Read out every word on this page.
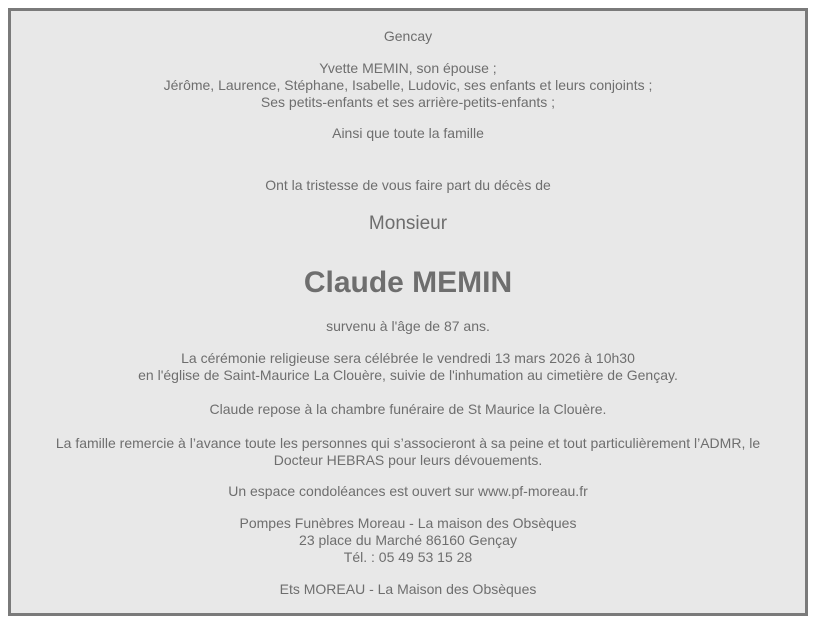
Gencay
Yvette MEMIN, son épouse ;
Jérôme, Laurence, Stéphane, Isabelle, Ludovic, ses enfants et leurs conjoints ;
Ses petits-enfants et ses arrière-petits-enfants ;
Ainsi que toute la famille
Ont la tristesse de vous faire part du décès de
Monsieur
Claude MEMIN
survenu à l'âge de 87 ans.
La cérémonie religieuse sera célébrée le vendredi 13 mars 2026 à 10h30
en l'église de Saint-Maurice La Clouère, suivie de l'inhumation au cimetière de Gençay.
Claude repose à la chambre funéraire de St Maurice la Clouère.
La famille remercie à l’avance toute les personnes qui s’associeront à sa peine et tout particulièrement l’ADMR, le
Docteur HEBRAS pour leurs dévouements.
Un espace condoléances est ouvert sur www.pf-moreau.fr
Pompes Funèbres Moreau - La maison des Obsèques
23 place du Marché 86160 Gençay
Tél. : 05 49 53 15 28
Ets MOREAU - La Maison des Obsèques
